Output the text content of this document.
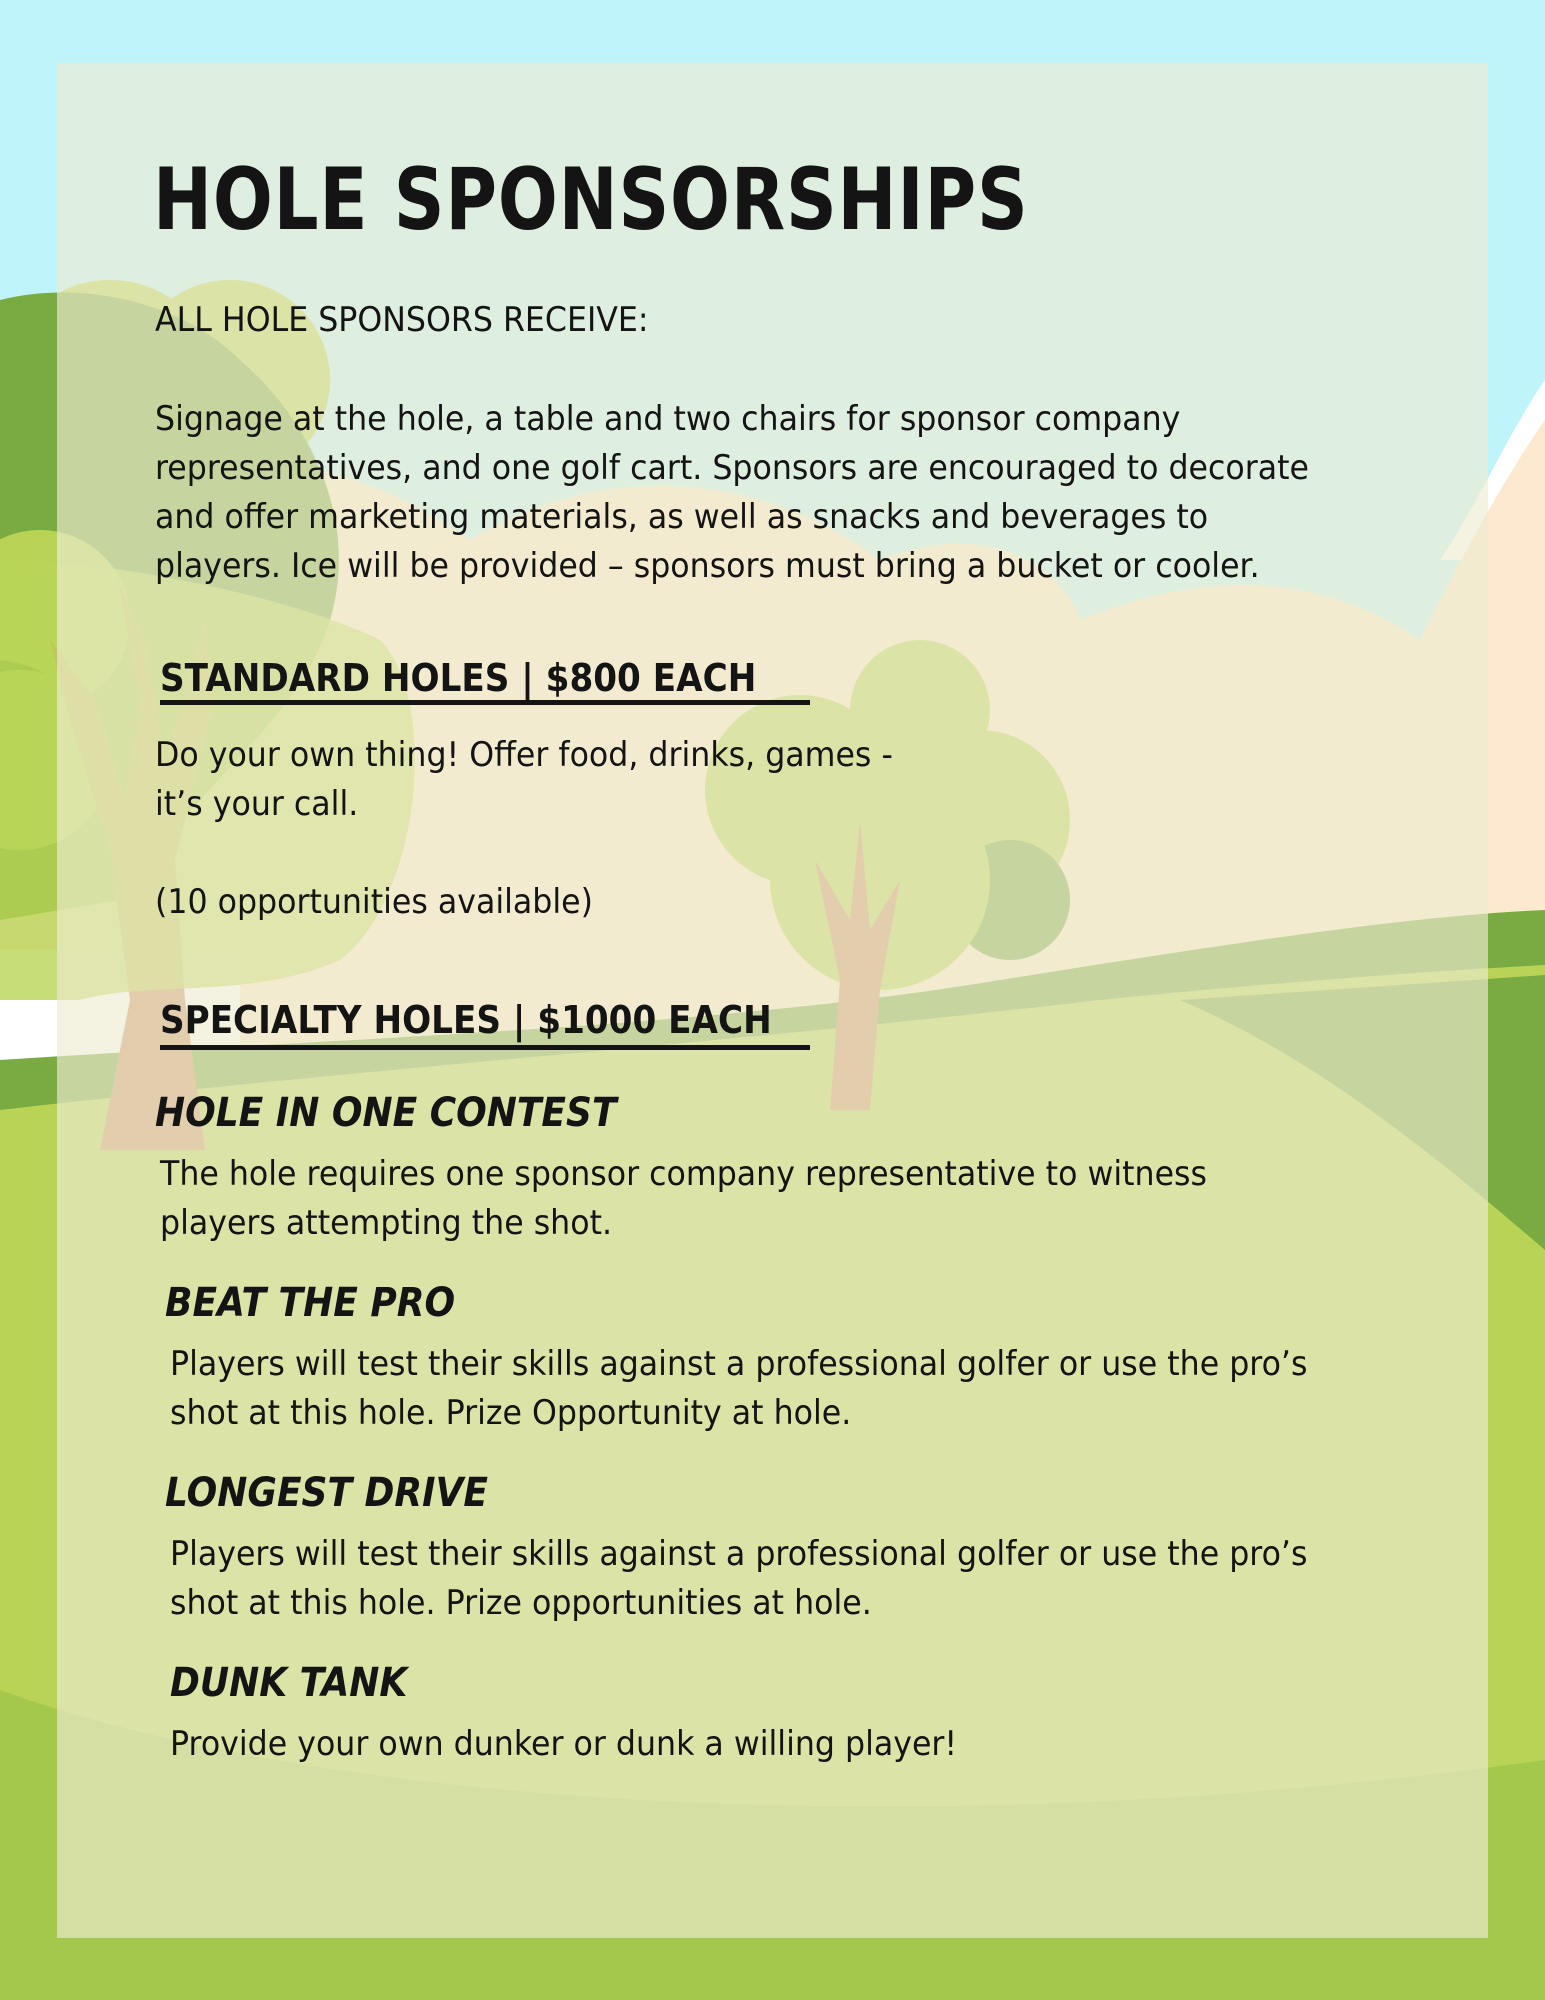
HOLE SPONSORSHIPS

ALL HOLE SPONSORS RECEIVE:

Signage at the hole, a table and two chairs for sponsor company

representatives, and one golf cart. Sponsors are encouraged to decorate

and offer marketing materials, as well as snacks and beverages to

players. Ice will be provided – sponsors must bring a bucket or cooler.

STANDARD HOLES | $800 EACH

Do your own thing! Offer food, drinks, games -

it’s your call.

(10 opportunities available)

SPECIALTY HOLES | $1000 EACH
HOLE IN ONE CONTEST

The hole requires one sponsor company representative to witness

players attempting the shot.

BEAT THE PRO

Players will test their skills against a professional golfer or use the pro’s

shot at this hole. Prize Opportunity at hole.

LONGEST DRIVE

Players will test their skills against a professional golfer or use the pro’s

shot at this hole. Prize opportunities at hole.

DUNK TANK

Provide your own dunker or dunk a willing player!
